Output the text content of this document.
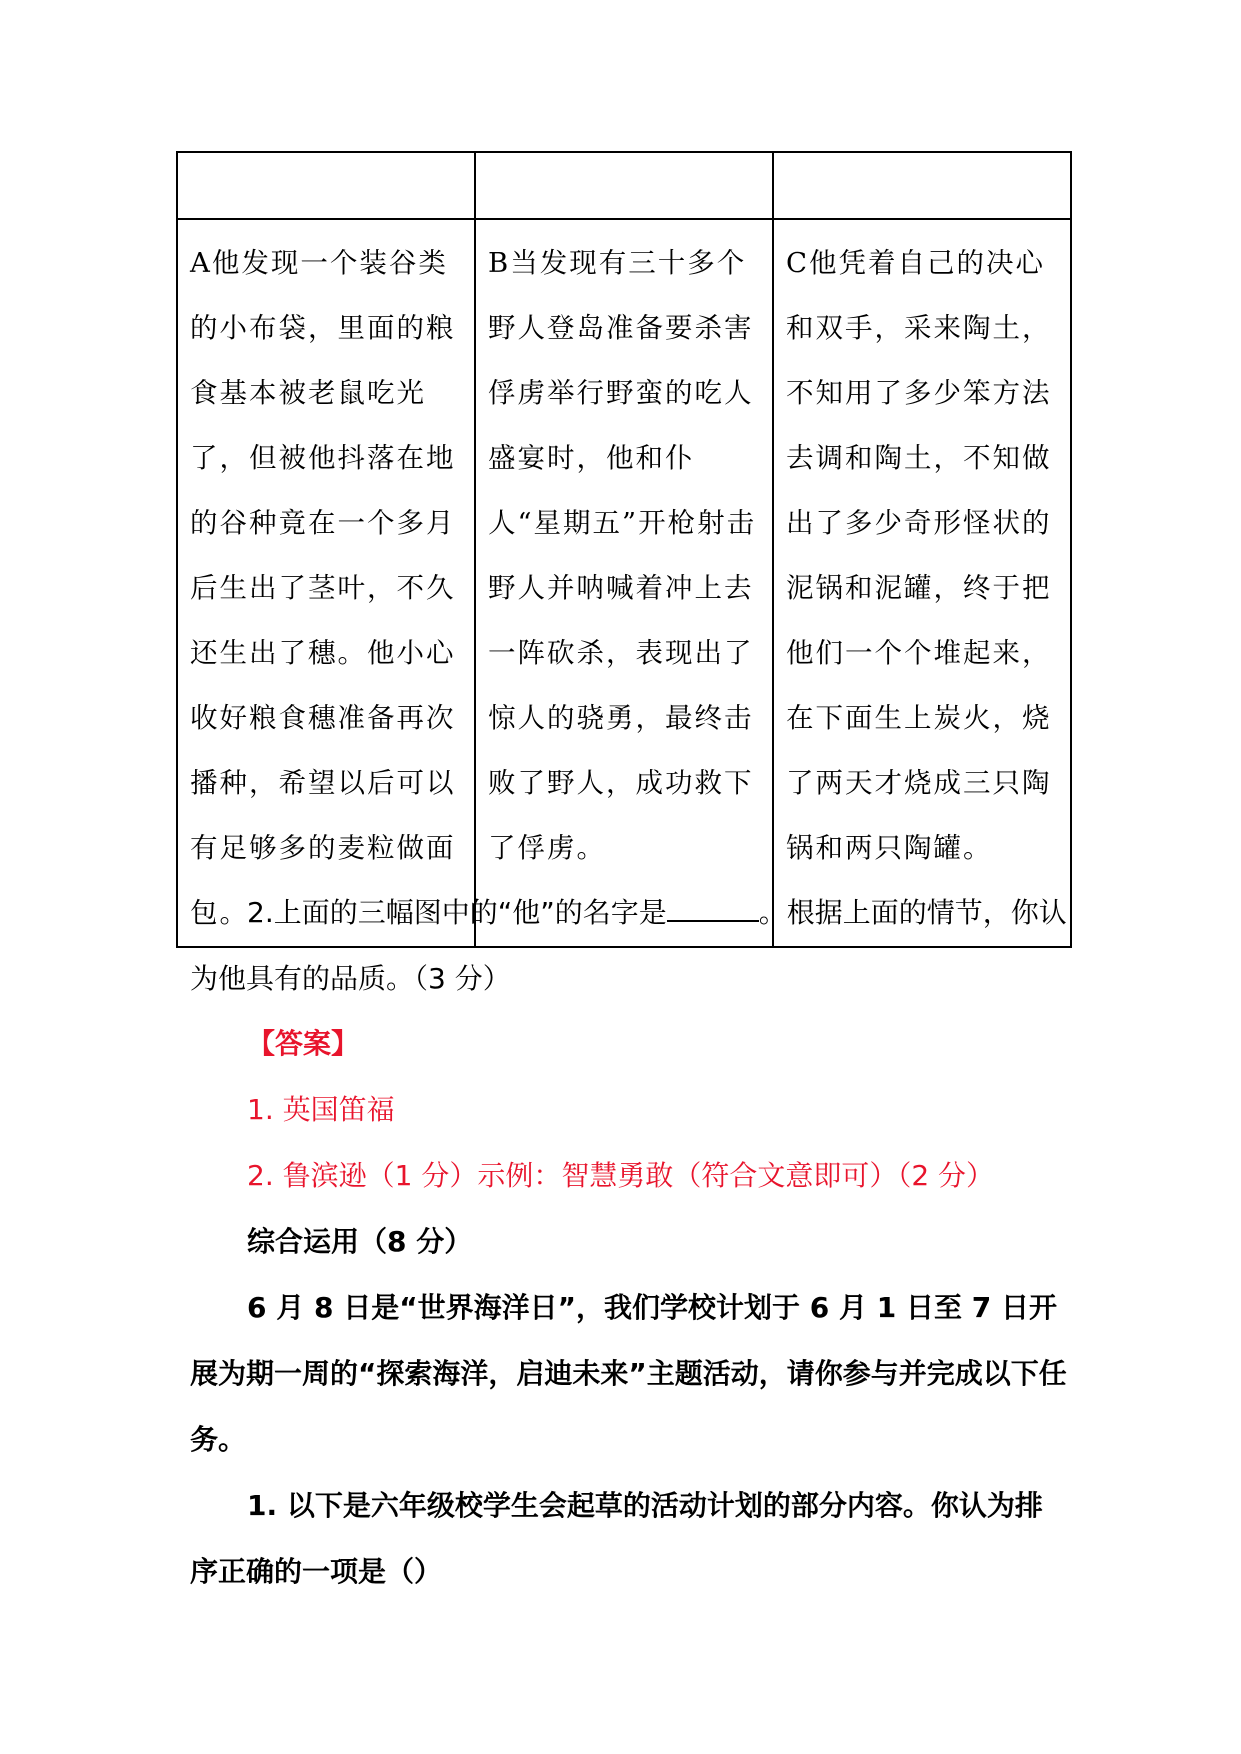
A他发现一个装谷类的小布袋，里面的粮食基本被老鼠吃光了，但被他抖落在地的谷种竟在一个多月后生出了茎叶，不久还生出了穗。他小心收好粮食穗准备再次播种，希望以后可以有足够多的麦粒做面包。	B当发现有三十多个野人登岛准备要杀害俘虏举行野蛮的吃人盛宴时，他和仆人“星期五”开枪射击野人并呐喊着冲上去一阵砍杀，表现出了惊人的骁勇，最终击败了野人，成功救下了俘虏。	C他凭着自己的决心和双手，采来陶土，不知用了多少笨方法去调和陶土，不知做出了多少奇形怪状的泥锅和泥罐，终于把他们一个个堆起来，在下面生上炭火，烧了两天才烧成三只陶锅和两只陶罐。

2.上面的三幅图中的“他”的名字是	。根据上面的情节，你认为他具有的品质。（3 分）

【答案】

1. 英国笛福

2. 鲁滨逊（1 分）示例：智慧勇敢（符合文意即可）（2 分）

综合运用（8 分）

6 月 8 日是“世界海洋日”，我们学校计划于 6 月 1 日至 7 日开展为期一周的“探索海洋，启迪未来”主题活动，请你参与并完成以下任务。

1. 以下是六年级校学生会起草的活动计划的部分内容。你认为排序正确的一项是（）
